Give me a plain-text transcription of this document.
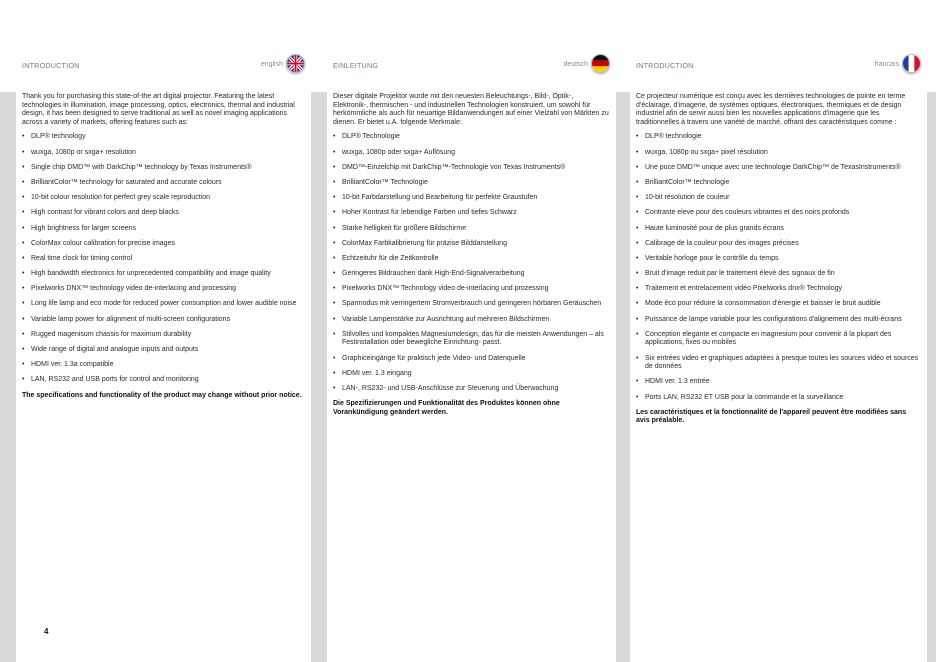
INTRODUCTION	english

Thank you for purchasing this state-of-the art digital projector. Featuring the latest technologies in illumination, image processing, optics, electronics, thermal and industrial design, it has been designed to serve traditional as well as novel imaging applications across a variety of markets, offering features such as:

• DLP® technology
• wuxga, 1080p or sxga+ resolution
• Single chip DMD™ with DarkChip™ technology by Texas Instruments®
• BrilliantColor™ technology for saturated and accurate colours
• 10-bit colour resolution for perfect grey scale reproduction
• High contrast for vibrant colors and deep blacks
• High brightness for larger screens
• ColorMax colour calibration for precise images
• Real time clock for timing control
• High bandwidth electronics for unprecedented compatibility and image quality
• Pixelworks DNX™ technology video de-interlacing and processing
• Long life lamp and eco mode for reduced power consumption and lower audible noise
• Variable lamp power for alignment of multi-screen configurations
• Rugged magenisum chassis for maximum durability
• Wide range of digital and analogue inputs and outputs
• HDMI ver. 1.3a compatible
• LAN, RS232 and USB ports for control and monitoring

The specifications and functionality of the product may change without prior notice.

EINLEITUNG	deutsch

Dieser digitale Projektor wurde mit den neuesten Beleuchtungs-, Bild-, Optik-, Elektronik-, thermischen - und industriellen Technologien konstruiert, um sowohl für herkömmliche als auch für neuartige Bildanwendungen auf einer Vielzahl von Märkten zu dienen. Er bietet u.A. folgende Merkmale:

• DLP® Technologie
• wuxga, 1080p oder sxga+ Auflösung
• DMD™-Einzelchip mit DarkChip™-Technologie von Texas Instruments®
• BrilliantColor™ Technologie
• 10-bit Farbdarstellung und Bearbeitung für perfekte Graustufen
• Hoher Kontrast für lebendige Farben und tiefes Schwarz
• Starke helligkeit für größere Bildschirme
• ColorMax Farbkalibrierung für präzise Bilddarstellung
• Echtzeituhr für die Zeitkontrolle
• Geringeres Bildrauchen dank High-End-Signalverarbeitung
• Pixelworks DNX™ Technology video de-interlacing und prozessing
• Sparmodus mit verringertem Stromverbrauch und geringeren hörbaren Geräuschen
• Variable Lampenstärke zur Ausrichtung auf mehreren Bildschirmen
• Stilvolles und kompaktes Magnesiumdesign, das für die meisten Anwendungen – als Festinstallation oder bewegliche Einrichtung- passt.
• Graphiceingänge für praktisch jede Video- und Datenquelle
• HDMI ver. 1.3 eingang
• LAN-, RS232- und USB-Anschlüsse zur Steuerung und Überwachung

Die Spezifizierungen und Funktionalität des Produktes können ohne Vorankündigung geändert werden.

INTRODUCTION	francais

Ce projecteur numérique est conçu avec les dernières technologies de pointe en terme d'éclairage, d'imagerie, de systèmes optiques, électroniques, thermiques et de design industriel afin de servir aussi bien les nouvelles applications d'imagerie que les traditionnelles à travers une variété de marché, offrant des caractéristiques comme :

• DLP® technologie
• wuxga, 1080p ou sxga+ pixel résolution
• Une puce DMD™ unique avec une technologie DarkChip™ de TexasInstruments®
• BrilliantColor™ technologie
• 10-bit résolution de couleur
• Contraste eleve pour des couleurs vibrantes et des noirs profonds
• Haute luminosité pour de plus grands écrans
• Calibrage de la couleur pour des images précises
• Veritable horloge pour le contrôle du temps
• Bruit d'image reduit par le traitement élevé des signaux de fin
• Traitement et entrelacement vidéo Pixelworks dnx® Technology
• Mode éco pour réduire la consommation d'énergie et baisser le bruit audible
• Puissance de lampe variable pour les configurations d'alignement des multi-écrans
• Conception elegante et compacte en magnesium pour convenir à la plupart des applications, fixes ou mobiles
• Six entrées video et graphiques adaptées à presque toutes les sources vidéo et sources de données
• HDMI ver. 1.3 entrée
• Ports LAN, RS232 ET USB pour la commande et la surveillance

Les caractéristiques et la fonctionnalité de l'appareil peuvent être modifiées sans avis préalable.

4
